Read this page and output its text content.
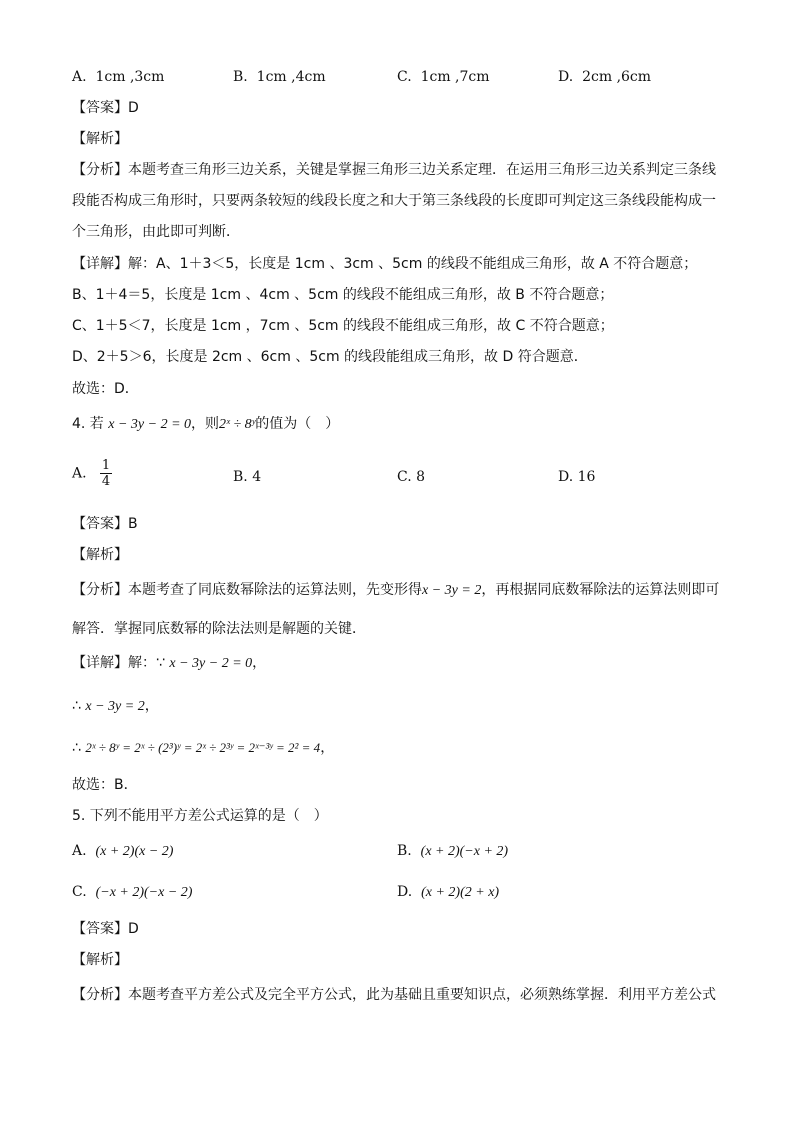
A. 1cm ,3cm	B. 1cm ,4cm	C. 1cm ,7cm	D. 2cm ,6cm
【答案】D
【解析】
【分析】本题考查三角形三边关系，关键是掌握三角形三边关系定理．在运用三角形三边关系判定三条线
段能否构成三角形时，只要两条较短的线段长度之和大于第三条线段的长度即可判定这三条线段能构成一
个三角形，由此即可判断．
【详解】解：A、1＋3＜5，长度是 1cm 、3cm 、5cm 的线段不能组成三角形，故 A 不符合题意；
B、1＋4＝5，长度是 1cm 、4cm 、5cm 的线段不能组成三角形，故 B 不符合题意；
C、1＋5＜7，长度是 1cm ，7cm 、5cm 的线段不能组成三角形，故 C 不符合题意；
D、2＋5＞6，长度是 2cm 、6cm 、5cm 的线段能组成三角形，故 D 符合题意．
故选：D．
4. 若 x − 3y − 2 = 0，则2ˣ ÷ 8ʸ的值为（　）
A. $\frac{1}{4}$	B. 4	C. 8	D. 16
【答案】B
【解析】
【分析】本题考查了同底数幂除法的运算法则，先变形得x − 3y = 2，再根据同底数幂除法的运算法则即可
解答．掌握同底数幂的除法法则是解题的关键．
【详解】解：∵ x − 3y − 2 = 0，
∴ x − 3y = 2，
∴ 2ˣ ÷ 8ʸ = 2ˣ ÷ (2³)ʸ = 2ˣ ÷ 2³ʸ = 2ˣ⁻³ʸ = 2² = 4，
故选：B．
5. 下列不能用平方差公式运算的是（　）
A. (x + 2)(x − 2)	B. (x + 2)(−x + 2)
C. (−x + 2)(−x − 2)	D. (x + 2)(2 + x)
【答案】D
【解析】
【分析】本题考查平方差公式及完全平方公式，此为基础且重要知识点，必须熟练掌握．利用平方差公式
